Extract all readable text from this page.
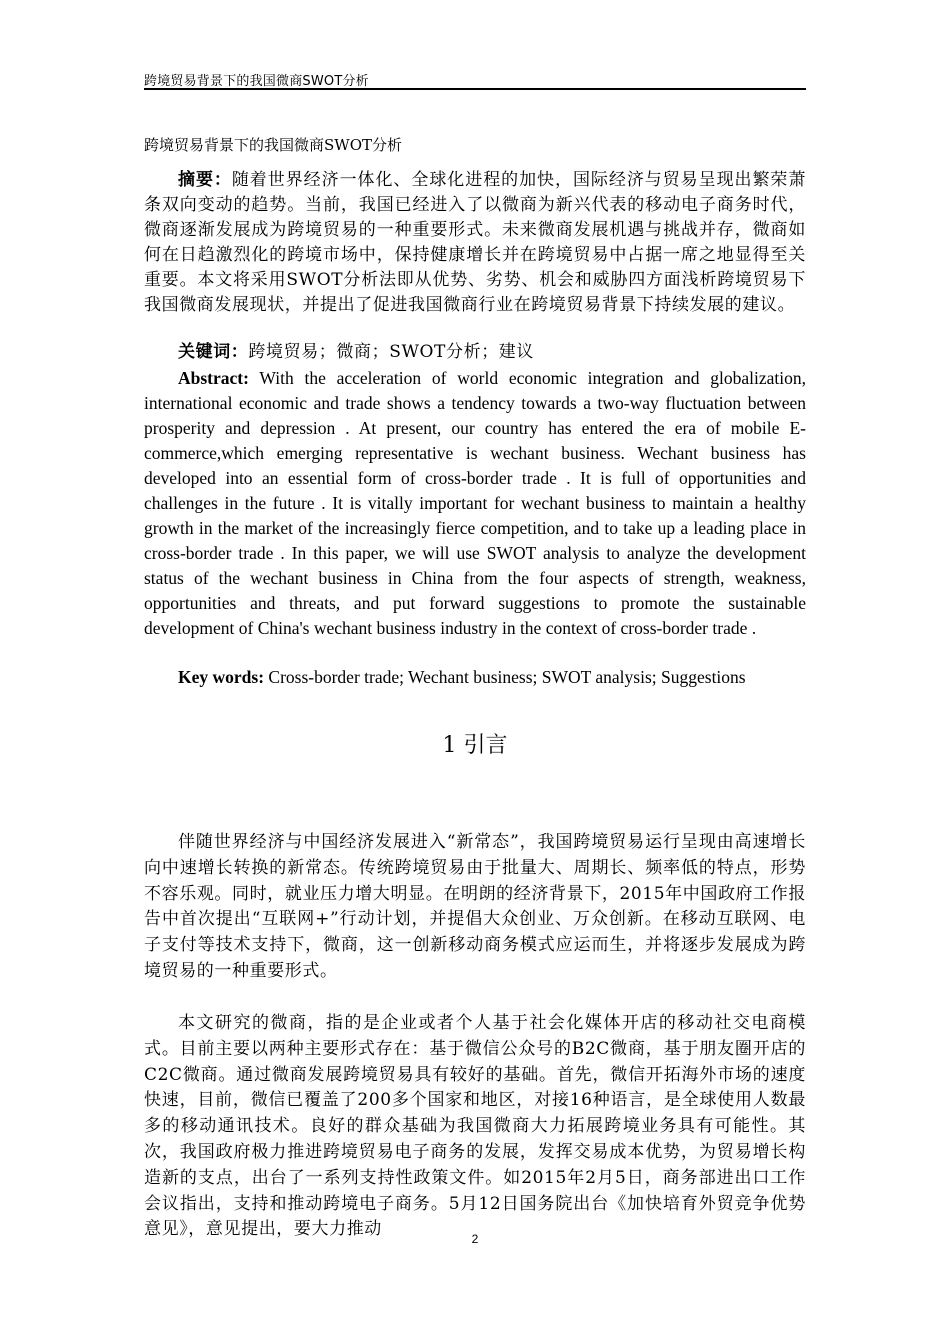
跨境贸易背景下的我国微商SWOT分析
跨境贸易背景下的我国微商SWOT分析
摘要：随着世界经济一体化、全球化进程的加快，国际经济与贸易呈现出繁荣萧条双向变动的趋势。当前，我国已经进入了以微商为新兴代表的移动电子商务时代，微商逐渐发展成为跨境贸易的一种重要形式。未来微商发展机遇与挑战并存，微商如何在日趋激烈化的跨境市场中，保持健康增长并在跨境贸易中占据一席之地显得至关重要。本文将采用SWOT分析法即从优势、劣势、机会和威胁四方面浅析跨境贸易下我国微商发展现状，并提出了促进我国微商行业在跨境贸易背景下持续发展的建议。
关键词：跨境贸易；微商；SWOT分析；建议
Abstract: With the acceleration of world economic integration and globalization, international economic and trade shows a tendency towards a two-way fluctuation between prosperity and depression . At present, our country has entered the era of mobile E-commerce,which emerging representative is wechant business. Wechant business has developed into an essential form of cross-border trade . It is full of opportunities and challenges in the future . It is vitally important for wechant business to maintain a healthy growth in the market of the increasingly fierce competition, and to take up a leading place in cross-border trade . In this paper, we will use SWOT analysis to analyze the development status of the wechant business in China from the four aspects of strength, weakness, opportunities and threats, and put forward suggestions to promote the sustainable development of China's wechant business industry in the context of cross-border trade .
Key words: Cross-border trade; Wechant business; SWOT analysis; Suggestions
1 引言
伴随世界经济与中国经济发展进入“新常态”，我国跨境贸易运行呈现由高速增长向中速增长转换的新常态。传统跨境贸易由于批量大、周期长、频率低的特点，形势不容乐观。同时，就业压力增大明显。在明朗的经济背景下，2015年中国政府工作报告中首次提出“互联网+”行动计划，并提倡大众创业、万众创新。在移动互联网、电子支付等技术支持下，微商，这一创新移动商务模式应运而生，并将逐步发展成为跨境贸易的一种重要形式。
本文研究的微商，指的是企业或者个人基于社会化媒体开店的移动社交电商模式。目前主要以两种主要形式存在：基于微信公众号的B2C微商，基于朋友圈开店的C2C微商。通过微商发展跨境贸易具有较好的基础。首先，微信开拓海外市场的速度快速，目前，微信已覆盖了200多个国家和地区，对接16种语言，是全球使用人数最多的移动通讯技术。良好的群众基础为我国微商大力拓展跨境业务具有可能性。其次，我国政府极力推进跨境贸易电子商务的发展，发挥交易成本优势，为贸易增长构造新的支点，出台了一系列支持性政策文件。如2015年2月5日，商务部进出口工作会议指出，支持和推动跨境电子商务。5月12日国务院出台《加快培育外贸竞争优势意见》，意见提出，要大力推动	2
